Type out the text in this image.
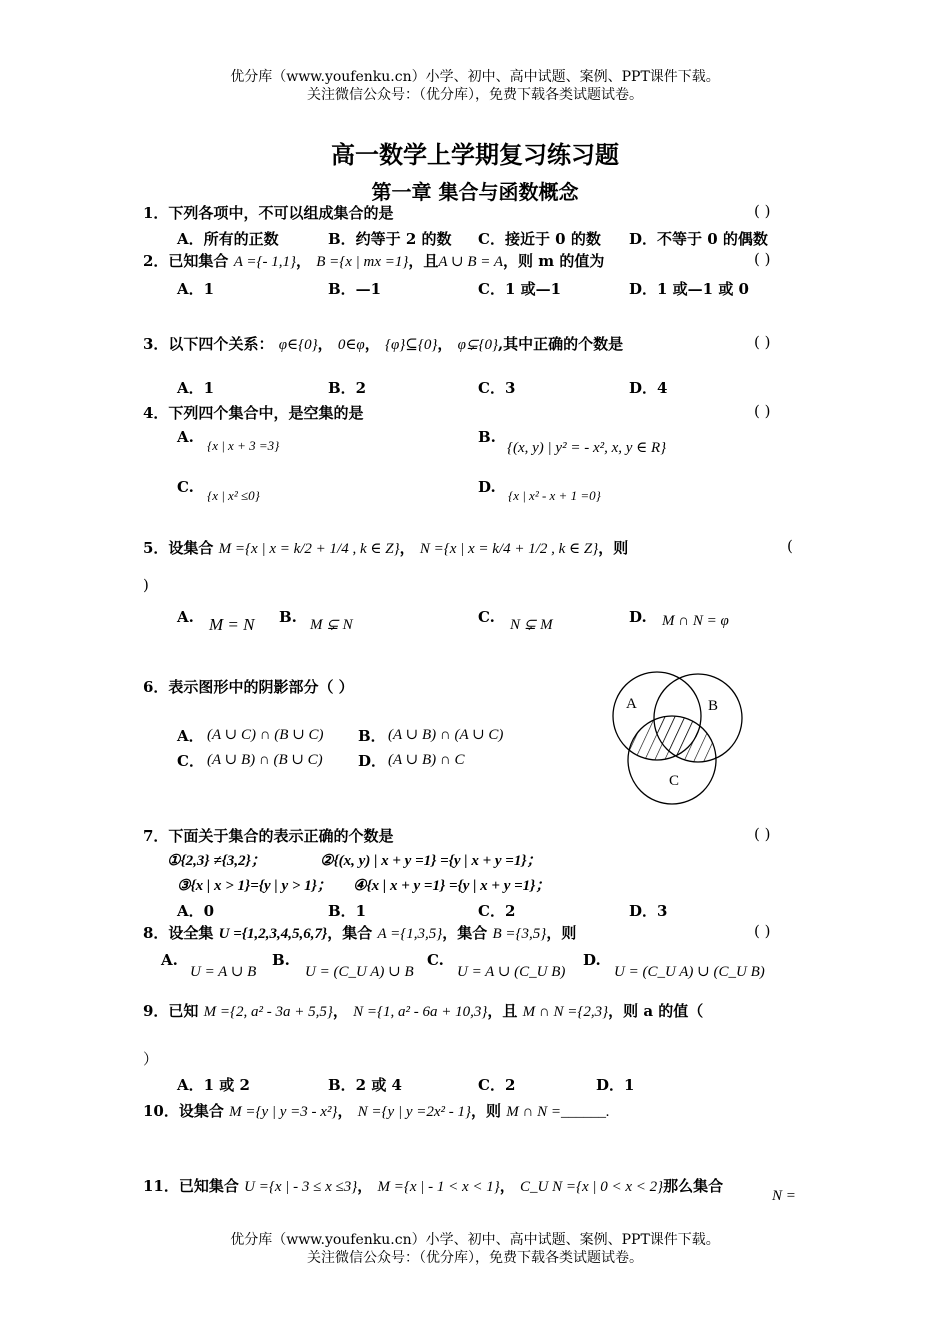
优分库（www.youfenku.cn）小学、初中、高中试题、案例、PPT课件下载。
关注微信公众号：（优分库），免费下载各类试题试卷。
高一数学上学期复习练习题
第一章 集合与函数概念
1．下列各项中，不可以组成集合的是	( )
A．所有的正数	B．约等于 2 的数 C．接近于 0 的数 D．不等于 0 的偶数
2．已知集合 A ={- 1,1}， B ={x | mx =1}，且A ∪ B = A，则 m 的值为	( )
A．1	B．—1	C．1 或—1	D．1 或—1 或 0
3．以下四个关系： φ∈{0}， 0∈φ， {φ}⊆{0}， φ⊊{0},其中正确的个数是	( )
A．1	B．2	C．3	D．4
4．下列四个集合中，是空集的是	( )
A. {x | x + 3 =3}	B.
{(x, y) | y² = - x², x, y ∈ R}
C. {x | x² ≤0}	D. {x | x² - x + 1 =0}
5．设集合 M ={x | x = k/2 + 1/4 , k ∈ Z}， N ={x | x = k/4 + 1/2 , k ∈ Z}，则	(
)
A. M = N B. M ⊊ N	C. N ⊊ M	D. M ∩ N = φ
6．表示图形中的阴影部分（ ）
A． (A ∪ C) ∩ (B ∪ C) B． (A ∪ B) ∩ (A ∪ C)
C． (A ∪ B) ∩ (B ∪ C) D． (A ∪ B) ∩ C
A	B
C
7．下面关于集合的表示正确的个数是	( )
①{2,3} ≠{3,2}；	②{(x, y) | x + y =1} ={y | x + y =1}；
③{x | x > 1}={y | y > 1}； ④{x | x + y =1} ={y | x + y =1}；
A．0	B．1	C．2	D．3
8．设全集 U ={1,2,3,4,5,6,7}，集合 A ={1,3,5}，集合 B ={3,5}，则	( )
A.
U = A ∪ B
B.
U = (C_U A) ∪ B
C.
U = A ∪ (C_U B)
D.
U = (C_U A) ∪ (C_U B)
9．已知 M ={2, a² - 3a + 5,5}， N ={1, a² - 6a + 10,3}，且 M ∩ N ={2,3}，则 a 的值（
）
A．1 或 2	B．2 或 4	C．2	D．1
10．设集合 M ={y | y =3 - x²}， N ={y | y =2x² - 1}，则 M ∩ N =______.
11．已知集合 U ={x | - 3 ≤ x ≤3}， M ={x | - 1 < x < 1}， C_U N ={x | 0 < x < 2}那么集合
N =
优分库（www.youfenku.cn）小学、初中、高中试题、案例、PPT课件下载。
关注微信公众号：（优分库），免费下载各类试题试卷。
